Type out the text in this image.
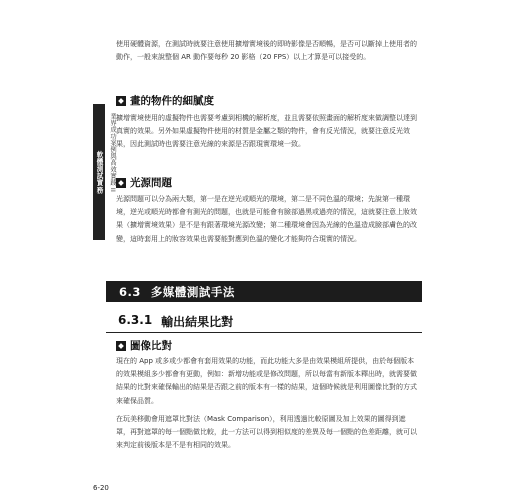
軟體測試實務 業界成功案例與高效實踐 II

使用硬體資源，在測試時就要注意使用擴增實境後的即時影像是否順暢，是否可以斷掉上使用者的動作，一般來說整個 AR 動作要每秒 20 影格（20 FPS）以上才算是可以接受的。

畫的物件的細膩度

擴增實境使用的虛擬物件也需要考慮到相機的解析度，並且需要依照畫面的解析度來做調整以達到真實的效果。另外如果虛擬物件使用的材質是金屬之類的物件，會有反光情況，就要注意反光效果，因此測試時也需要注意光線的來源是否跟現實環境一致。

光源問題

光源問題可以分為兩大類，第一是在逆光或順光的環境，第二是不同色溫的環境；先說第一種環境，逆光或順光時都會有測光的問題，也就是可能會有臉部過黑或過亮的情況，這就要注意上妝效果（擴增實境效果）是不是有跟著環境光源改變；第二種環境會因為光線的色溫造成臉部膚色的改變，這時套用上的妝容效果也需要能對應到色溫的變化才能夠符合現實的情況。

6.3 多媒體測試手法
6.3.1 輸出結果比對
圖像比對

現在的 App 或多或少都會有套用效果的功能，而此功能大多是由效果模組所提供，由於每個版本的效果模組多少都會有更動，例如：新增功能或是修改問題，所以每當有新版本釋出時，就需要做結果的比對來確保輸出的結果是否跟之前的版本有一樣的結果，這個時候就是利用圖像比對的方式來確保品質。

在玩美移動會用遮罩比對法（Mask Comparison），利用透過比較原圖及加上效果的圖得到遮罩，再對遮罩的每一個點做比較，此一方法可以得到相似度的差異及每一個點的色差距離，就可以來判定前後版本是不是有相同的效果。

6-20
